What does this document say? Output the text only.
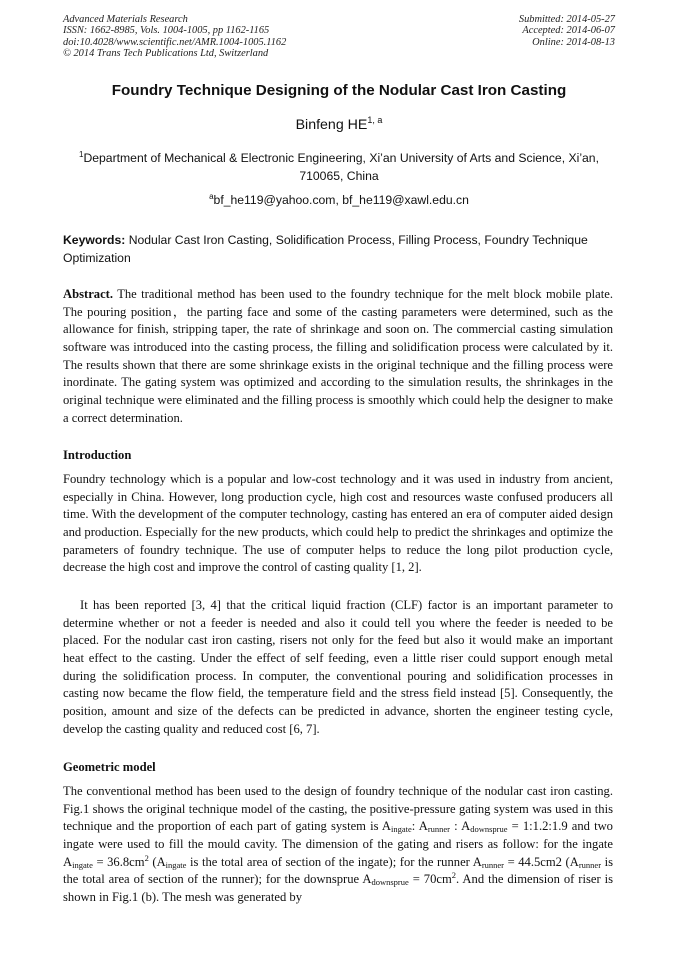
Advanced Materials Research
ISSN: 1662-8985, Vols. 1004-1005, pp 1162-1165
doi:10.4028/www.scientific.net/AMR.1004-1005.1162
© 2014 Trans Tech Publications Ltd, Switzerland
Submitted: 2014-05-27
Accepted: 2014-06-07
Online: 2014-08-13
Foundry Technique Designing of the Nodular Cast Iron Casting
Binfeng HE$^{1, a}$
$^1$Department of Mechanical & Electronic Engineering, Xi’an University of Arts and Science, Xi’an, 710065, China
$^a$bf_he119@yahoo.com, bf_he119@xawl.edu.cn
Keywords: Nodular Cast Iron Casting, Solidification Process, Filling Process, Foundry Technique Optimization
Abstract. The traditional method has been used to the foundry technique for the melt block mobile plate. The pouring position，the parting face and some of the casting parameters were determined, such as the allowance for finish, stripping taper, the rate of shrinkage and soon on. The commercial casting simulation software was introduced into the casting process, the filling and solidification process were calculated by it. The results shown that there are some shrinkage exists in the original technique and the filling process were inordinate. The gating system was optimized and according to the simulation results, the shrinkages in the original technique were eliminated and the filling process is smoothly which could help the designer to make a correct determination.
Introduction
Foundry technology which is a popular and low-cost technology and it was used in industry from ancient, especially in China. However, long production cycle, high cost and resources waste confused producers all time. With the development of the computer technology, casting has entered an era of computer aided design and production. Especially for the new products, which could help to predict the shrinkages and optimize the parameters of foundry technique. The use of computer helps to reduce the long pilot production cycle, decrease the high cost and improve the control of casting quality [1, 2].
It has been reported [3, 4] that the critical liquid fraction (CLF) factor is an important parameter to determine whether or not a feeder is needed and also it could tell you where the feeder is needed to be placed. For the nodular cast iron casting, risers not only for the feed but also it would make an important heat effect to the casting. Under the effect of self feeding, even a little riser could support enough metal during the solidification process. In computer, the conventional pouring and solidification processes in casting now became the flow field, the temperature field and the stress field instead [5]. Consequently, the position, amount and size of the defects can be predicted in advance, shorten the engineer testing cycle, develop the casting quality and reduced cost [6, 7].
Geometric model
The conventional method has been used to the design of foundry technique of the nodular cast iron casting. Fig.1 shows the original technique model of the casting, the positive-pressure gating system was used in this technique and the proportion of each part of gating system is $A_{ingate}$: $A_{runner}$ : $A_{downsprue}$ = 1:1.2:1.9 and two ingate were used to fill the mould cavity. The dimension of the gating and risers as follow: for the ingate $A_{ingate} = 36.8cm^2$ ($A_{ingate}$ is the total area of section of the ingate); for the runner $A_{runner} = 44.5cm2$ ($A_{runner}$ is the total area of section of the runner); for the downsprue $A_{downsprue} = 70cm^2$. And the dimension of riser is shown in Fig.1 (b). The mesh was generated by
